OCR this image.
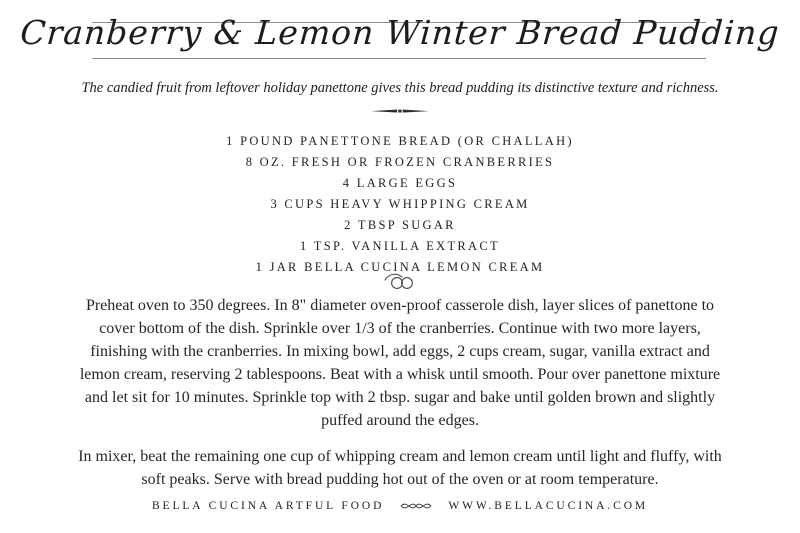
Cranberry & Lemon Winter Bread Pudding
The candied fruit from leftover holiday panettone gives this bread pudding its distinctive texture and richness.
1 POUND PANETTONE BREAD (OR CHALLAH)
8 OZ. FRESH OR FROZEN CRANBERRIES
4 LARGE EGGS
3 CUPS HEAVY WHIPPING CREAM
2 TBSP SUGAR
1 TSP. VANILLA EXTRACT
1 JAR BELLA CUCINA LEMON CREAM

Preheat oven to 350 degrees. In 8" diameter oven-proof casserole dish, layer slices of panettone to cover bottom of the dish. Sprinkle over 1/3 of the cranberries. Continue with two more layers, finishing with the cranberries. In mixing bowl, add eggs, 2 cups cream, sugar, vanilla extract and lemon cream, reserving 2 tablespoons. Beat with a whisk until smooth. Pour over panettone mixture and let sit for 10 minutes. Sprinkle top with 2 tbsp. sugar and bake until golden brown and slightly puffed around the edges.

In mixer, beat the remaining one cup of whipping cream and lemon cream until light and fluffy, with soft peaks. Serve with bread pudding hot out of the oven or at room temperature.

BELLA CUCINA ARTFUL FOOD	WWW.BELLACUCINA.COM
